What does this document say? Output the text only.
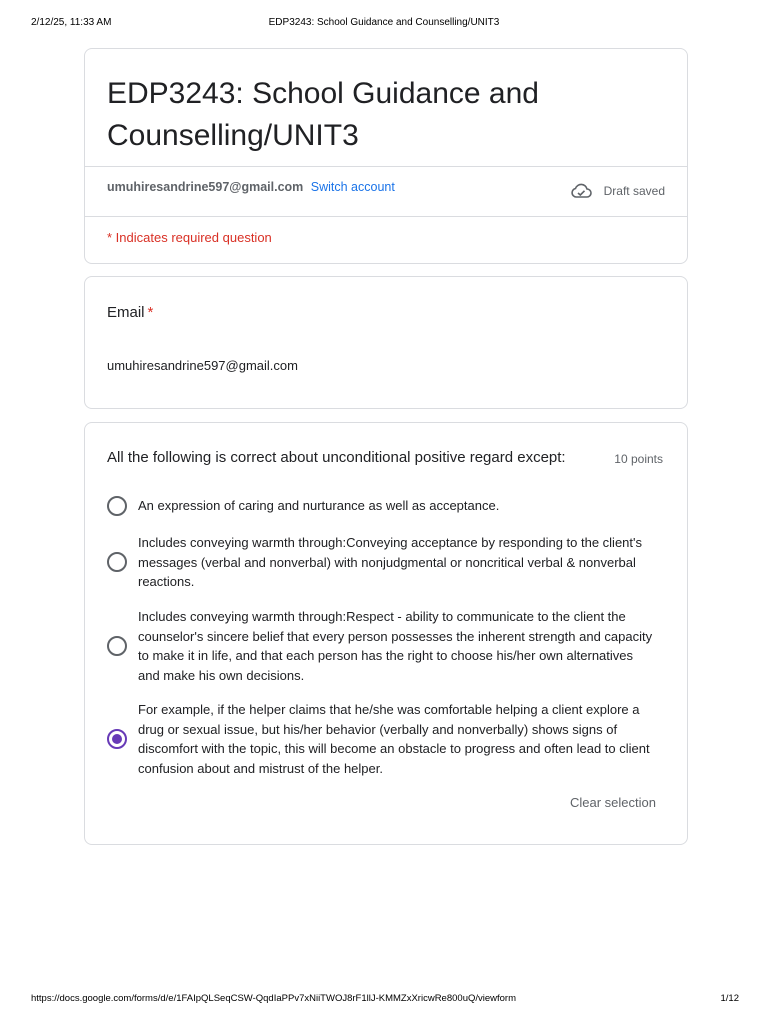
2/12/25, 11:33 AM	EDP3243: School Guidance and Counselling/UNIT3
EDP3243: School Guidance and Counselling/UNIT3
umuhiresandrine597@gmail.com Switch account	Draft saved
* Indicates required question
Email *
umuhiresandrine597@gmail.com
All the following is correct about unconditional positive regard except:	10 points
An expression of caring and nurturance as well as acceptance.
Includes conveying warmth through:Conveying acceptance by responding to the client's messages (verbal and nonverbal) with nonjudgmental or noncritical verbal & nonverbal reactions.
Includes conveying warmth through:Respect - ability to communicate to the client the counselor's sincere belief that every person possesses the inherent strength and capacity to make it in life, and that each person has the right to choose his/her own alternatives and make his own decisions.
For example, if the helper claims that he/she was comfortable helping a client explore a drug or sexual issue, but his/her behavior (verbally and nonverbally) shows signs of discomfort with the topic, this will become an obstacle to progress and often lead to client confusion about and mistrust of the helper.
Clear selection
https://docs.google.com/forms/d/e/1FAIpQLSeqCSW-QqdIaPPv7xNiiTWOJ8rF1llJ-KMMZxXricwRe800uQ/viewform	1/12
